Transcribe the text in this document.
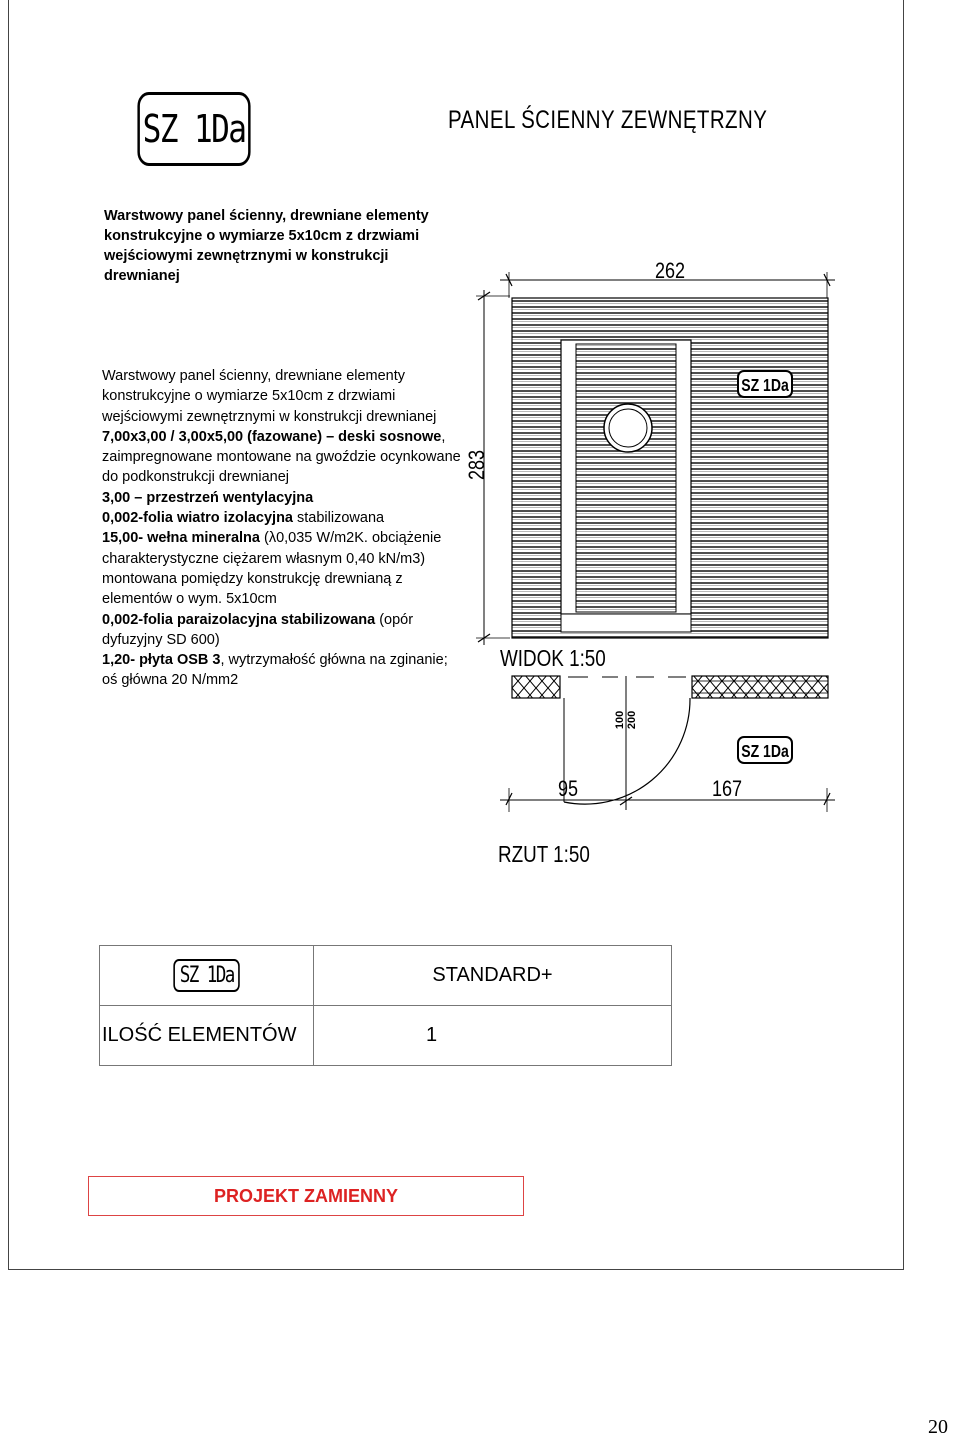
SZ 1Da	PANEL ŚCIENNY ZEWNĘTRZNY
Warstwowy panel ścienny, drewniane elementy konstrukcyjne o wymiarze 5x10cm z drzwiami wejściowymi zewnętrznymi w konstrukcji drewnianej

Warstwowy panel ścienny, drewniane elementy konstrukcyjne o wymiarze 5x10cm z drzwiami wejściowymi zewnętrznymi w konstrukcji drewnianej

7,00x3,00 / 3,00x5,00 (fazowane) – deski sosnowe, zaimpregnowane montowane na gwoździe ocynkowane do podkonstrukcji drewnianej

3,00 – przestrzeń wentylacyjna

0,002-folia wiatro izolacyjna stabilizowana

15,00- wełna mineralna (λ0,035 W/m2K. obciążenie charakterystyczne ciężarem własnym 0,40 kN/m3) montowana pomiędzy konstrukcję drewnianą z elementów o wym. 5x10cm

0,002-folia paraizolacyjna stabilizowana (opór dyfuzyjny SD 600)

1,20- płyta OSB 3, wytrzymałość główna na zginanie; oś główna 20 N/mm2

262
283
SZ 1Da
WIDOK 1:50
100 200
SZ 1Da
95	167
RZUT 1:50
SZ 1Da	STANDARD+
ILOŚĆ ELEMENTÓW	1
PROJEKT ZAMIENNY
20
